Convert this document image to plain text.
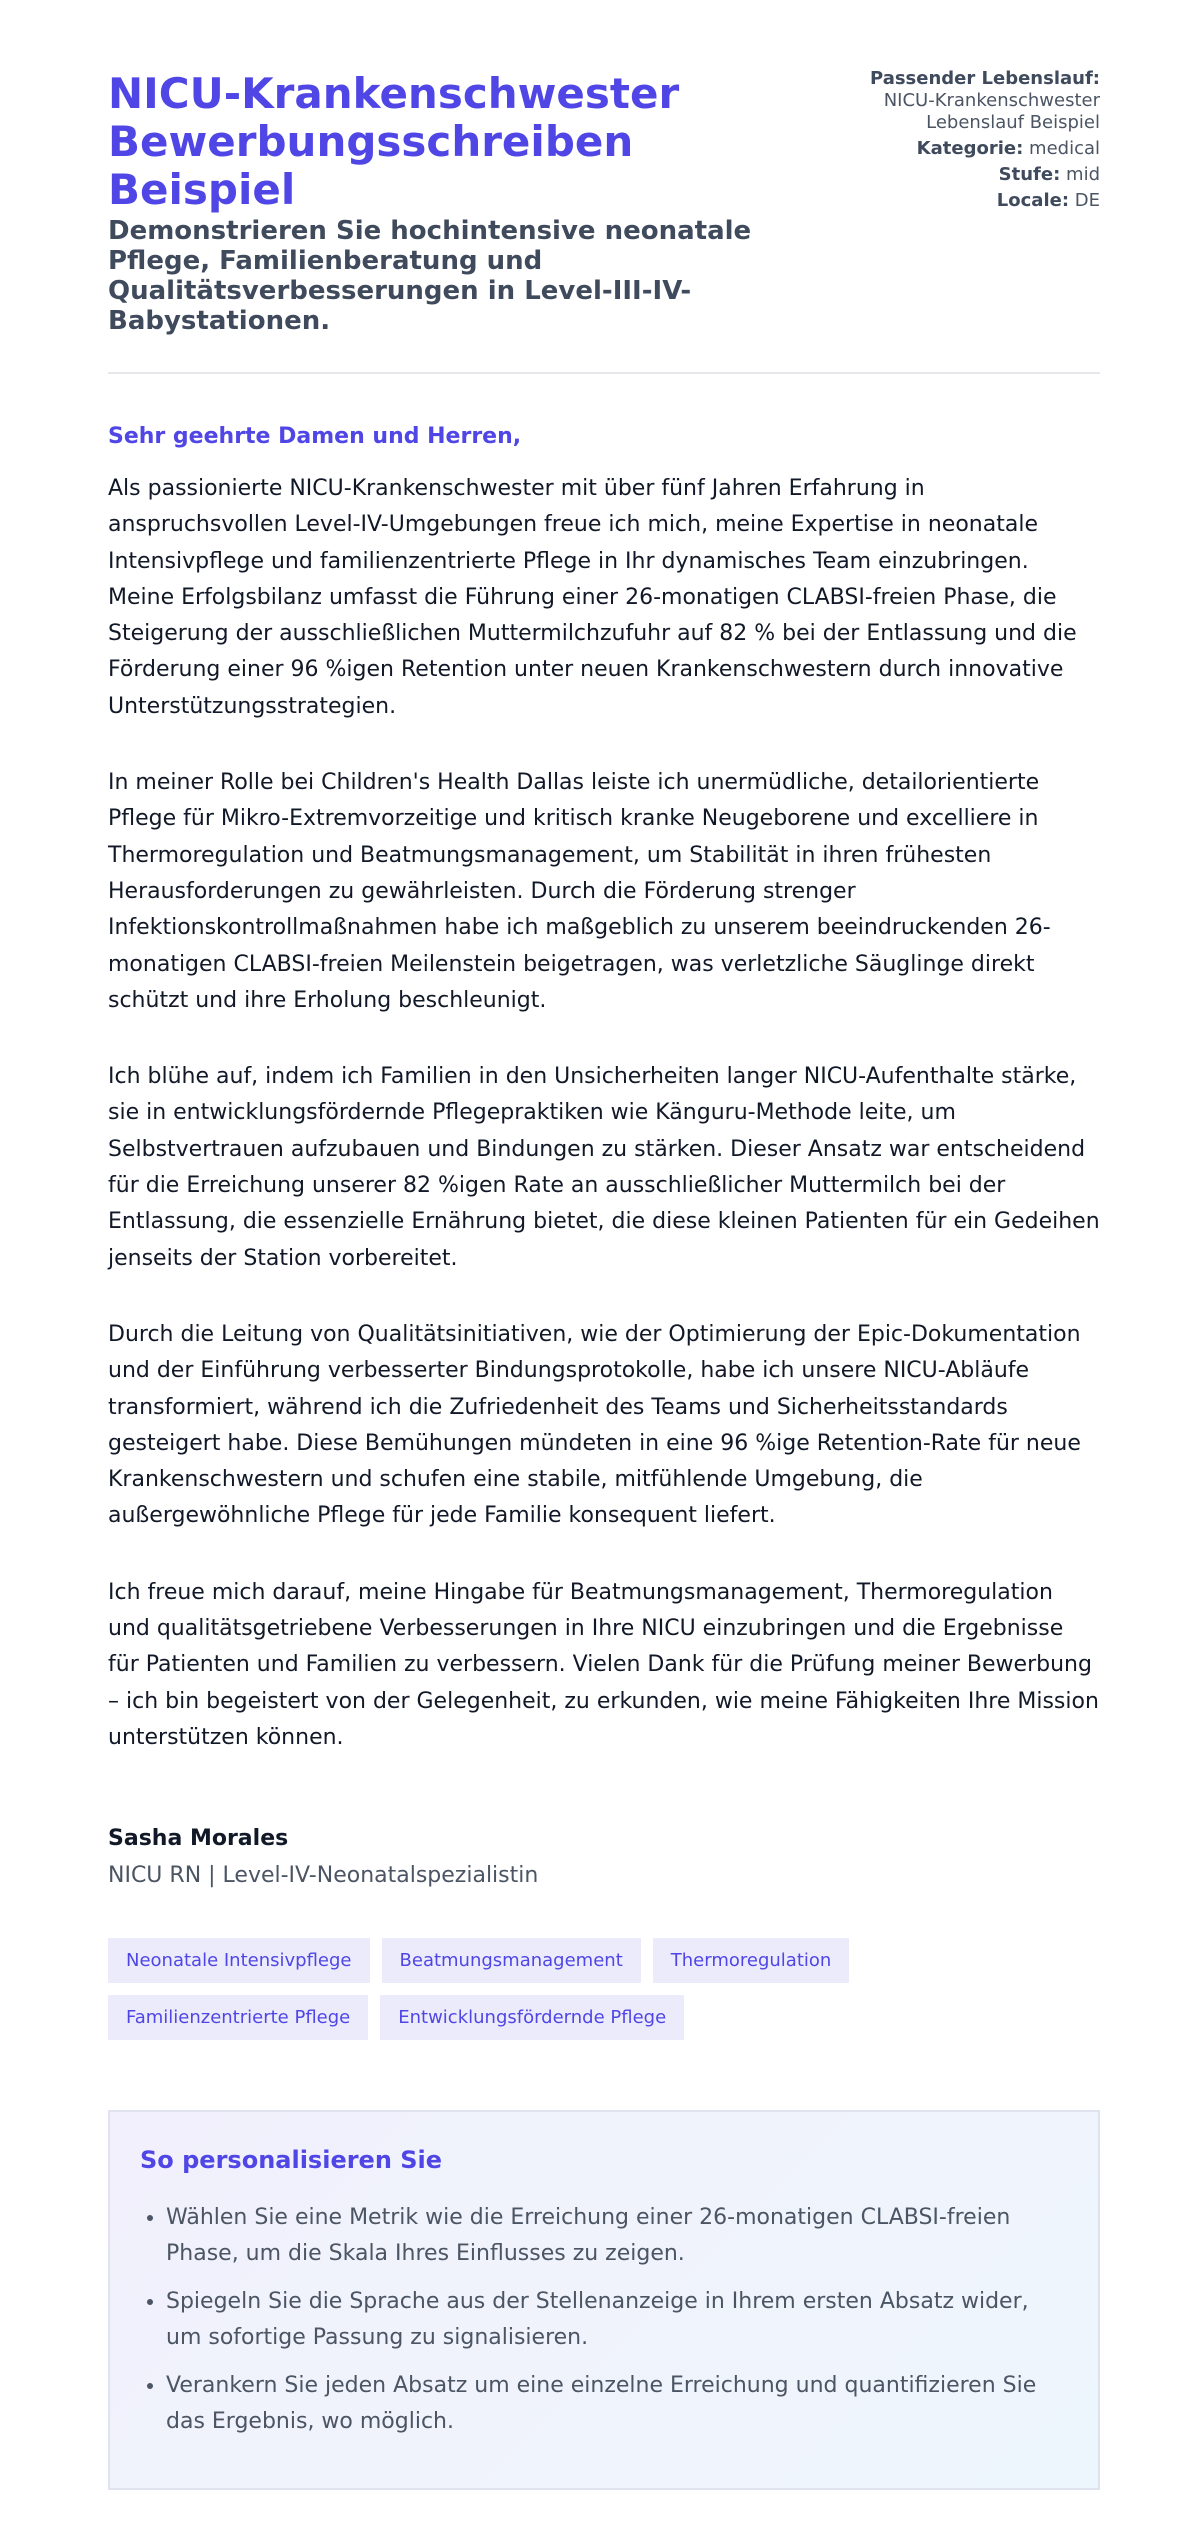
NICU-Krankenschwester Bewerbungsschreiben Beispiel
Demonstrieren Sie hochintensive neonatale Pflege, Familienberatung und Qualitätsverbesserungen in Level-III-IV-Babystationen.
Passender Lebenslauf:
NICU-Krankenschwester
Lebenslauf Beispiel
Kategorie: medical
Stufe: mid
Locale: DE
Sehr geehrte Damen und Herren,

Als passionierte NICU-Krankenschwester mit über fünf Jahren Erfahrung in anspruchsvollen Level-IV-Umgebungen freue ich mich, meine Expertise in neonatale Intensivpflege und familienzentrierte Pflege in Ihr dynamisches Team einzubringen. Meine Erfolgsbilanz umfasst die Führung einer 26-monatigen CLABSI-freien Phase, die Steigerung der ausschließlichen Muttermilchzufuhr auf 82 % bei der Entlassung und die Förderung einer 96 %igen Retention unter neuen Krankenschwestern durch innovative Unterstützungsstrategien.

In meiner Rolle bei Children's Health Dallas leiste ich unermüdliche, detailorientierte Pflege für Mikro-Extremvorzeitige und kritisch kranke Neugeborene und excelliere in Thermoregulation und Beatmungsmanagement, um Stabilität in ihren frühesten Herausforderungen zu gewährleisten. Durch die Förderung strenger Infektionskontrollmaßnahmen habe ich maßgeblich zu unserem beeindruckenden 26-monatigen CLABSI-freien Meilenstein beigetragen, was verletzliche Säuglinge direkt schützt und ihre Erholung beschleunigt.

Ich blühe auf, indem ich Familien in den Unsicherheiten langer NICU-Aufenthalte stärke, sie in entwicklungsfördernde Pflegepraktiken wie Känguru-Methode leite, um Selbstvertrauen aufzubauen und Bindungen zu stärken. Dieser Ansatz war entscheidend für die Erreichung unserer 82 %igen Rate an ausschließlicher Muttermilch bei der Entlassung, die essenzielle Ernährung bietet, die diese kleinen Patienten für ein Gedeihen jenseits der Station vorbereitet.

Durch die Leitung von Qualitätsinitiativen, wie der Optimierung der Epic-Dokumentation und der Einführung verbesserter Bindungsprotokolle, habe ich unsere NICU-Abläufe transformiert, während ich die Zufriedenheit des Teams und Sicherheitsstandards gesteigert habe. Diese Bemühungen mündeten in eine 96 %ige Retention-Rate für neue Krankenschwestern und schufen eine stabile, mitfühlende Umgebung, die außergewöhnliche Pflege für jede Familie konsequent liefert.

Ich freue mich darauf, meine Hingabe für Beatmungsmanagement, Thermoregulation und qualitätsgetriebene Verbesserungen in Ihre NICU einzubringen und die Ergebnisse für Patienten und Familien zu verbessern. Vielen Dank für die Prüfung meiner Bewerbung – ich bin begeistert von der Gelegenheit, zu erkunden, wie meine Fähigkeiten Ihre Mission unterstützen können.

Sasha Morales
NICU RN | Level-IV-Neonatalspezialistin
Neonatale Intensivpflege	Beatmungsmanagement	Thermoregulation
Familienzentrierte Pflege	Entwicklungsfördernde Pflege
So personalisieren Sie
• Wählen Sie eine Metrik wie die Erreichung einer 26-monatigen CLABSI-freien Phase, um die Skala Ihres Einflusses zu zeigen.
• Spiegeln Sie die Sprache aus der Stellenanzeige in Ihrem ersten Absatz wider, um sofortige Passung zu signalisieren.
• Verankern Sie jeden Absatz um eine einzelne Erreichung und quantifizieren Sie das Ergebnis, wo möglich.
